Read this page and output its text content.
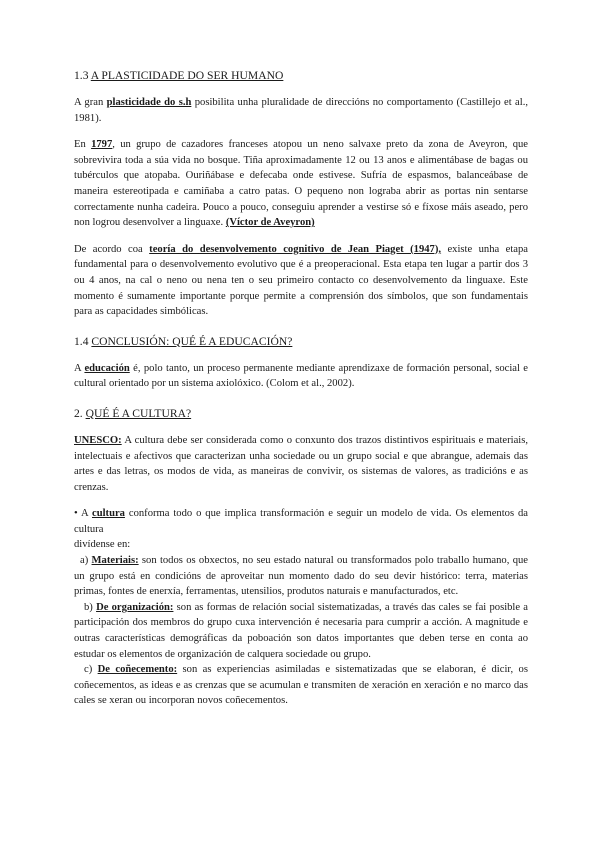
1.3 A PLASTICIDADE DO SER HUMANO

A gran plasticidade do s.h posibilita unha pluralidade de direccións no comportamento (Castillejo et al., 1981).

En 1797, un grupo de cazadores franceses atopou un neno salvaxe preto da zona de Aveyron, que sobrevivira toda a súa vida no bosque. Tiña aproximadamente 12 ou 13 anos e alimentábase de bagas ou tubérculos que atopaba. Ouriñábase e defecaba onde estivese. Sufría de espasmos, balanceábase de maneira estereotipada e camiñaba a catro patas. O pequeno non lograba abrir as portas nin sentarse correctamente nunha cadeira. Pouco a pouco, conseguiu aprender a vestirse só e fíxose máis aseado, pero non logrou desenvolver a linguaxe. (Víctor de Aveyron)

De acordo coa teoría do desenvolvemento cognitivo de Jean Piaget (1947), existe unha etapa fundamental para o desenvolvemento evolutivo que é a preoperacional. Esta etapa ten lugar a partir dos 3 ou 4 anos, na cal o neno ou nena ten o seu primeiro contacto co desenvolvemento da linguaxe. Este momento é sumamente importante porque permite a comprensión dos símbolos, que son fundamentais para as capacidades simbólicas.

1.4 CONCLUSIÓN: QUÉ É A EDUCACIÓN?

A educación é, polo tanto, un proceso permanente mediante aprendizaxe de formación personal, social e cultural orientado por un sistema axiolóxico. (Colom et al., 2002).

2. QUÉ É A CULTURA?

UNESCO: A cultura debe ser considerada como o conxunto dos trazos distintivos espirituais e materiais, intelectuais e afectivos que caracterizan unha sociedade ou un grupo social e que abrangue, ademais das artes e das letras, os modos de vida, as maneiras de convivir, os sistemas de valores, as tradicións e as crenzas.

• A cultura conforma todo o que implica transformación e seguir un modelo de vida. Os elementos da cultura
divídense en:

a) Materiais: son todos os obxectos, no seu estado natural ou transformados polo traballo humano, que un grupo está en condicións de aproveitar nun momento dado do seu devir histórico: terra, materias primas, fontes de enerxía, ferramentas, utensilios, produtos naturais e manufacturados, etc.

b) De organización: son as formas de relación social sistematizadas, a través das cales se fai posible a participación dos membros do grupo cuxa intervención é necesaria para cumprir a acción. A magnitude e outras características demográficas da poboación son datos importantes que deben terse en conta ao estudar os elementos de organización de calquera sociedade ou grupo.

c) De coñecemento: son as experiencias asimiladas e sistematizadas que se elaboran, é dicir, os coñecementos, as ideas e as crenzas que se acumulan e transmiten de xeración en xeración e no marco das cales se xeran ou incorporan novos coñecementos.
